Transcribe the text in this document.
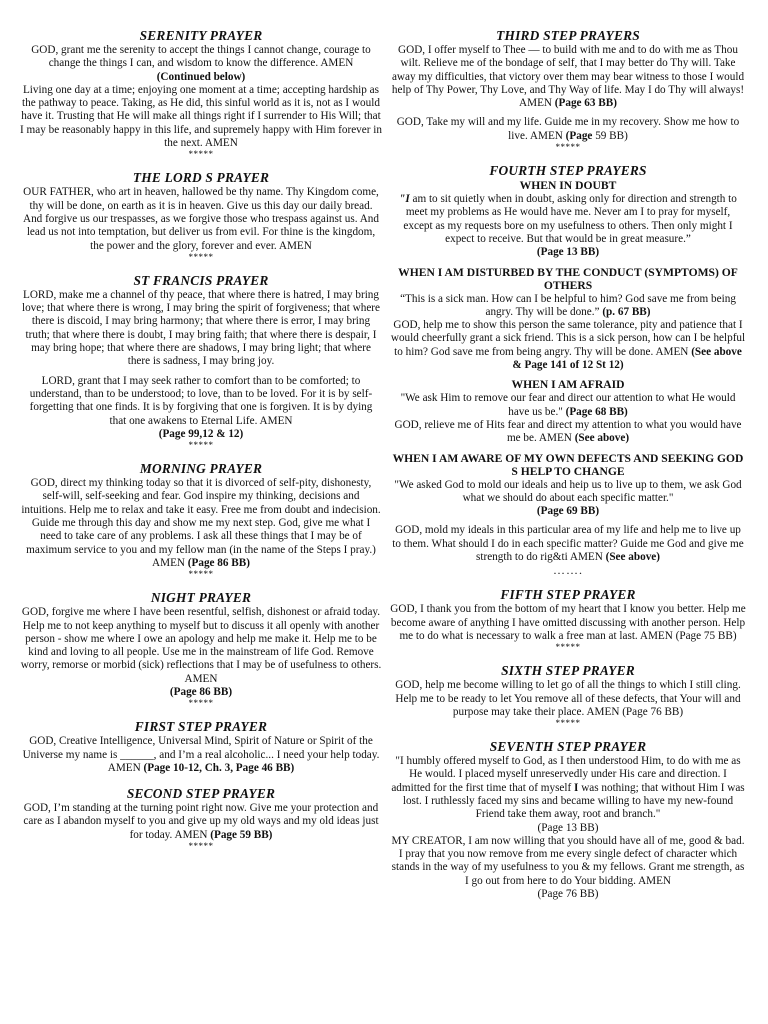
SERENITY PRAYER

GOD, grant me the serenity to accept the things I cannot change, courage to change the things I can, and wisdom to know the difference. AMEN

(Continued below)

Living one day at a time; enjoying one moment at a time; accepting hardship as the pathway to peace. Taking, as He did, this sinful world as it is, not as I would have it. Trusting that He will make all things right if I surrender to His Will; that I may be reasonably happy in this life, and supremely happy with Him forever in the next. AMEN

*****
THE LORD S PRAYER

OUR FATHER, who art in heaven, hallowed be thy name. Thy Kingdom come, thy will be done, on earth as it is in heaven. Give us this day our daily bread. And forgive us our trespasses, as we forgive those who trespass against us. And lead us not into temptation, but deliver us from evil. For thine is the kingdom, the power and the glory, forever and ever. AMEN

*****
ST FRANCIS PRAYER

LORD, make me a channel of thy peace, that where there is hatred, I may bring love; that where there is wrong, I may bring the spirit of forgiveness; that where there is discoid, I may bring harmony; that where there is error, I may bring truth; that where there is doubt, I may bring faith; that where there is despair, I may bring hope; that where there are shadows, I may bring light; that where there is sadness, I may bring joy.

LORD, grant that I may seek rather to comfort than to be comforted; to understand, than to be understood; to love, than to be loved. For it is by self-forgetting that one finds. It is by forgiving that one is forgiven. It is by dying that one awakens to Eternal Life. AMEN

(Page 99,12 & 12)

*****
MORNING PRAYER

GOD, direct my thinking today so that it is divorced of self-pity, dishonesty, self-will, self-seeking and fear. God inspire my thinking, decisions and intuitions. Help me to relax and take it easy. Free me from doubt and indecision. Guide me through this day and show me my next step. God, give me what I need to take care of any problems. I ask all these things that I may be of maximum service to you and my fellow man (in the name of the Steps I pray.) AMEN (Page 86 BB)

*****
NIGHT PRAYER

GOD, forgive me where I have been resentful, selfish, dishonest or afraid today. Help me to not keep anything to myself but to discuss it all openly with another person - show me where I owe an apology and help me make it. Help me to be kind and loving to all people. Use me in the mainstream of life God. Remove worry, remorse or morbid (sick) reflections that I may be of usefulness to others. AMEN

(Page 86 BB)

*****
FIRST STEP PRAYER

GOD, Creative Intelligence, Universal Mind, Spirit of Nature or Spirit of the Universe my name is ______, and I’m a real alcoholic... I need your help today. AMEN (Page 10-12, Ch. 3, Page 46 BB)

SECOND STEP PRAYER

GOD, I’m standing at the turning point right now. Give me your protection and care as I abandon myself to you and give up my old ways and my old ideas just for today. AMEN (Page 59 BB)

*****
THIRD STEP PRAYERS

GOD, I offer myself to Thee — to build with me and to do with me as Thou wilt. Relieve me of the bondage of self, that I may better do Thy will. Take away my difficulties, that victory over them may bear witness to those I would help of Thy Power, Thy Love, and Thy Way of life. May I do Thy will always! AMEN (Page 63 BB)

GOD, Take my will and my life. Guide me in my recovery. Show me how to live. AMEN (Page 59 BB)

*****
FOURTH STEP PRAYERS
WHEN IN DOUBT

"I am to sit quietly when in doubt, asking only for direction and strength to meet my problems as He would have me. Never am I to pray for myself, except as my requests bore on my usefulness to others. Then only might I expect to receive. But that would be in great measure.”

(Page 13 BB)

WHEN I AM DISTURBED BY THE CONDUCT (SYMPTOMS) OF OTHERS

“This is a sick man. How can I be helpful to him? God save me from being angry. Thy will be done.” (p. 67 BB)

GOD, help me to show this person the same tolerance, pity and patience that I would cheerfully grant a sick friend. This is a sick person, how can I be helpful to him? God save me from being angry. Thy will be done. AMEN (See above & Page 141 of 12 St 12)

WHEN I AM AFRAID

"We ask Him to remove our fear and direct our attention to what He would have us be." (Page 68 BB)

GOD, relieve me of Hits fear and direct my attention to what you would have me be. AMEN (See above)

WHEN I AM AWARE OF MY OWN DEFECTS AND SEEKING GOD S HELP TO CHANGE

"We asked God to mold our ideals and heip us to live up to them, we ask God what we should do about each specific matter."

(Page 69 BB)

GOD, mold my ideals in this particular area of my life and help me to live up to them. What should I do in each specific matter? Guide me God and give me strength to do rig&ti AMEN (See above)

…….
FIFTH STEP PRAYER

GOD, I thank you from the bottom of my heart that I know you better. Help me become aware of anything I have omitted discussing with another person. Help me to do what is necessary to walk a free man at last. AMEN (Page 75 BB)

*****
SIXTH STEP PRAYER

GOD, help me become willing to let go of all the things to which I still cling. Help me to be ready to let You remove all of these defects, that Your will and purpose may take their place. AMEN (Page 76 BB)

*****
SEVENTH STEP PRAYER

"I humbly offered myself to God, as I then understood Him, to do with me as He would. I placed myself unreservedly under His care and direction. I admitted for the first time that of myself I was nothing; that without Him I was lost. I ruthlessly faced my sins and became willing to have my new-found Friend take them away, root and branch."

(Page 13 BB)

MY CREATOR, I am now willing that you should have all of me, good & bad. I pray that you now remove from me every single defect of character which stands in the way of my usefulness to you & my fellows. Grant me strength, as I go out from here to do Your bidding. AMEN

(Page 76 BB)
